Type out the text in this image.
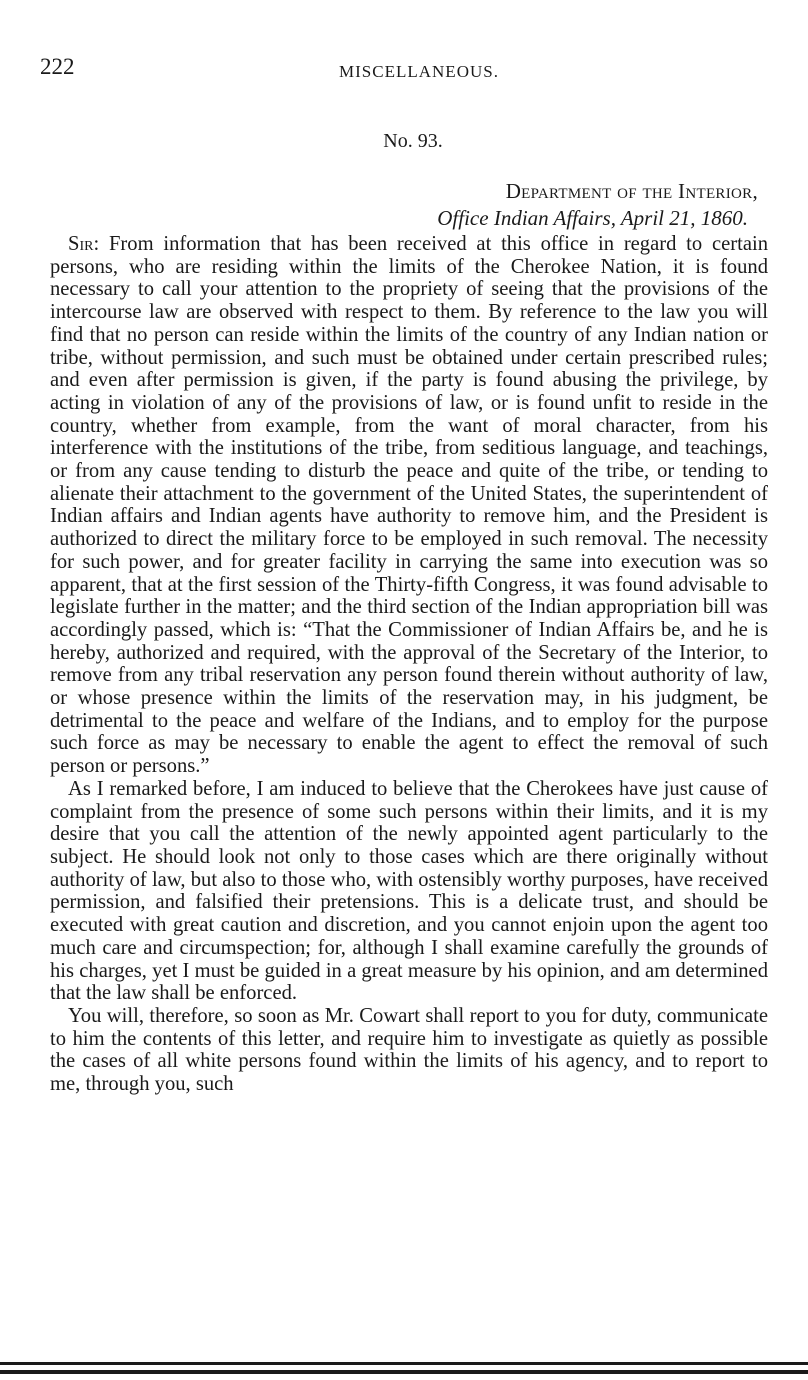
222	MISCELLANEOUS.
No. 93.
Department of the Interior,
Office Indian Affairs, April 21, 1860.

Sir: From information that has been received at this office in regard to certain persons, who are residing within the limits of the Cherokee Nation, it is found necessary to call your attention to the propriety of seeing that the provisions of the intercourse law are observed with respect to them. By reference to the law you will find that no person can reside within the limits of the country of any Indian nation or tribe, without permission, and such must be obtained under certain prescribed rules; and even after permission is given, if the party is found abusing the privilege, by acting in violation of any of the provisions of law, or is found unfit to reside in the country, whether from example, from the want of moral character, from his interference with the institutions of the tribe, from seditious language, and teachings, or from any cause tending to disturb the peace and quite of the tribe, or tending to alienate their attachment to the government of the United States, the superintendent of Indian affairs and Indian agents have authority to remove him, and the President is authorized to direct the military force to be employed in such removal. The necessity for such power, and for greater facility in carrying the same into execution was so apparent, that at the first session of the Thirty-fifth Congress, it was found advisable to legislate further in the matter; and the third section of the Indian appropriation bill was accordingly passed, which is: “That the Commissioner of Indian Affairs be, and he is hereby, authorized and required, with the approval of the Secretary of the Interior, to remove from any tribal reservation any person found therein without authority of law, or whose presence within the limits of the reservation may, in his judgment, be detrimental to the peace and welfare of the Indians, and to employ for the purpose such force as may be necessary to enable the agent to effect the removal of such person or persons.”

As I remarked before, I am induced to believe that the Cherokees have just cause of complaint from the presence of some such persons within their limits, and it is my desire that you call the attention of the newly appointed agent particularly to the subject. He should look not only to those cases which are there originally without authority of law, but also to those who, with ostensibly worthy purposes, have received permission, and falsified their pretensions. This is a delicate trust, and should be executed with great caution and discretion, and you cannot enjoin upon the agent too much care and circumspection; for, although I shall examine carefully the grounds of his charges, yet I must be guided in a great measure by his opinion, and am determined that the law shall be enforced.

You will, therefore, so soon as Mr. Cowart shall report to you for duty, communicate to him the contents of this letter, and require him to investigate as quietly as possible the cases of all white persons found within the limits of his agency, and to report to me, through you, such
